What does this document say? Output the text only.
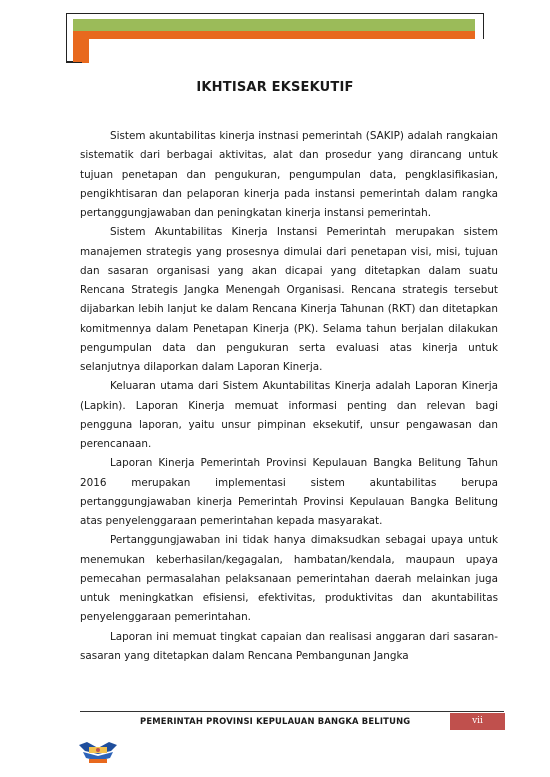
IKHTISAR EKSEKUTIF

Sistem akuntabilitas kinerja instnasi pemerintah (SAKIP) adalah rangkaian sistematik dari berbagai aktivitas, alat dan prosedur yang dirancang untuk tujuan penetapan dan pengukuran, pengumpulan data, pengklasifikasian, pengikhtisaran dan pelaporan kinerja pada instansi pemerintah dalam rangka pertanggungjawaban dan peningkatan kinerja instansi pemerintah.

Sistem Akuntabilitas Kinerja Instansi Pemerintah merupakan sistem manajemen strategis yang prosesnya dimulai dari penetapan visi, misi, tujuan dan sasaran organisasi yang akan dicapai yang ditetapkan dalam suatu Rencana Strategis Jangka Menengah Organisasi. Rencana strategis tersebut dijabarkan lebih lanjut ke dalam Rencana Kinerja Tahunan (RKT) dan ditetapkan komitmennya dalam Penetapan Kinerja (PK). Selama tahun berjalan dilakukan pengumpulan data dan pengukuran serta evaluasi atas kinerja untuk selanjutnya dilaporkan dalam Laporan Kinerja.

Keluaran utama dari Sistem Akuntabilitas Kinerja adalah Laporan Kinerja (Lapkin). Laporan Kinerja memuat informasi penting dan relevan bagi pengguna laporan, yaitu unsur pimpinan eksekutif, unsur pengawasan dan perencanaan.

Laporan Kinerja Pemerintah Provinsi Kepulauan Bangka Belitung Tahun 2016 merupakan implementasi sistem akuntabilitas berupa pertanggungjawaban kinerja Pemerintah Provinsi Kepulauan Bangka Belitung atas penyelenggaraan pemerintahan kepada masyarakat.

Pertanggungjawaban ini tidak hanya dimaksudkan sebagai upaya untuk menemukan keberhasilan/kegagalan, hambatan/kendala, maupaun upaya pemecahan permasalahan pelaksanaan pemerintahan daerah melainkan juga untuk meningkatkan efisiensi, efektivitas, produktivitas dan akuntabilitas penyelenggaraan pemerintahan.

Laporan ini memuat tingkat capaian dan realisasi anggaran dari sasaran-sasaran yang ditetapkan dalam Rencana Pembangunan Jangka

PEMERINTAH PROVINSI KEPULAUAN BANGKA BELITUNG	vii
